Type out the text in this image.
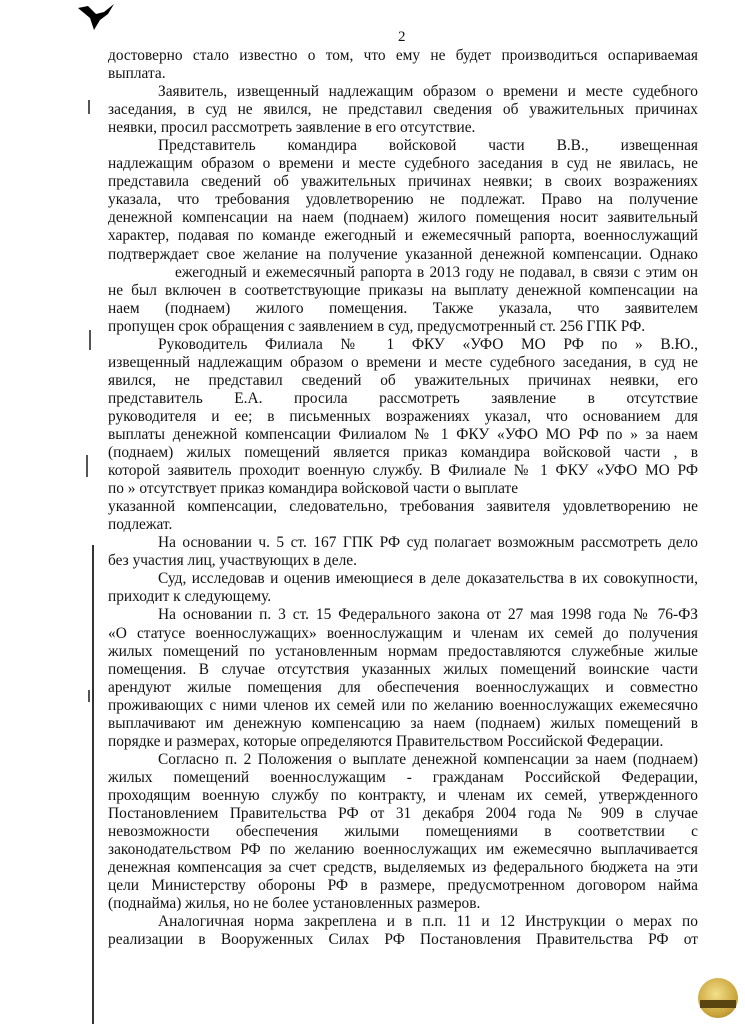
2
достоверно стало известно о том, что ему не будет производиться оспариваемая
выплата.
Заявитель, извещенный надлежащим образом о времени и месте судебного
заседания, в суд не явился, не представил сведения об уважительных причинах
неявки, просил рассмотреть заявление в его отсутствие.
Представитель командира войсковой части В.В., извещенная
надлежащим образом о времени и месте судебного заседания в суд не явилась, не
представила сведений об уважительных причинах неявки; в своих возражениях
указала, что требования удовлетворению не подлежат. Право на получение
денежной компенсации на наем (поднаем) жилого помещения носит заявительный
характер, подавая по команде ежегодный и ежемесячный рапорта, военнослужащий
подтверждает свое желание на получение указанной денежной компенсации. Однако
ежегодный и ежемесячный рапорта в 2013 году не подавал, в связи с этим он
не был включен в соответствующие приказы на выплату денежной компенсации на
наем (поднаем) жилого помещения. Также указала, что заявителем
пропущен срок обращения с заявлением в суд, предусмотренный ст. 256 ГПК РФ.
Руководитель Филиала № 1 ФКУ «УФО МО РФ по » В.Ю.,
извещенный надлежащим образом о времени и месте судебного заседания, в суд не
явился, не представил сведений об уважительных причинах неявки, его
представитель Е.А. просила рассмотреть заявление в отсутствие
руководителя и ее; в письменных возражениях указал, что основанием для
выплаты денежной компенсации Филиалом № 1 ФКУ «УФО МО РФ по » за наем
(поднаем) жилых помещений является приказ командира войсковой части , в
которой заявитель проходит военную службу. В Филиале № 1 ФКУ «УФО МО РФ
по » отсутствует приказ командира войсковой части о выплате
указанной компенсации, следовательно, требования заявителя удовлетворению не
подлежат.
На основании ч. 5 ст. 167 ГПК РФ суд полагает возможным рассмотреть дело
без участия лиц, участвующих в деле.
Суд, исследовав и оценив имеющиеся в деле доказательства в их совокупности,
приходит к следующему.
На основании п. 3 ст. 15 Федерального закона от 27 мая 1998 года № 76-ФЗ
«О статусе военнослужащих» военнослужащим и членам их семей до получения
жилых помещений по установленным нормам предоставляются служебные жилые
помещения. В случае отсутствия указанных жилых помещений воинские части
арендуют жилые помещения для обеспечения военнослужащих и совместно
проживающих с ними членов их семей или по желанию военнослужащих ежемесячно
выплачивают им денежную компенсацию за наем (поднаем) жилых помещений в
порядке и размерах, которые определяются Правительством Российской Федерации.
Согласно п. 2 Положения о выплате денежной компенсации за наем (поднаем)
жилых помещений военнослужащим - гражданам Российской Федерации,
проходящим военную службу по контракту, и членам их семей, утвержденного
Постановлением Правительства РФ от 31 декабря 2004 года № 909 в случае
невозможности обеспечения жилыми помещениями в соответствии с
законодательством РФ по желанию военнослужащих им ежемесячно выплачивается
денежная компенсация за счет средств, выделяемых из федерального бюджета на эти
цели Министерству обороны РФ в размере, предусмотренном договором найма
(поднайма) жилья, но не более установленных размеров.
Аналогичная норма закреплена и в п.п. 11 и 12 Инструкции о мерах по
реализации в Вооруженных Силах РФ Постановления Правительства РФ от
